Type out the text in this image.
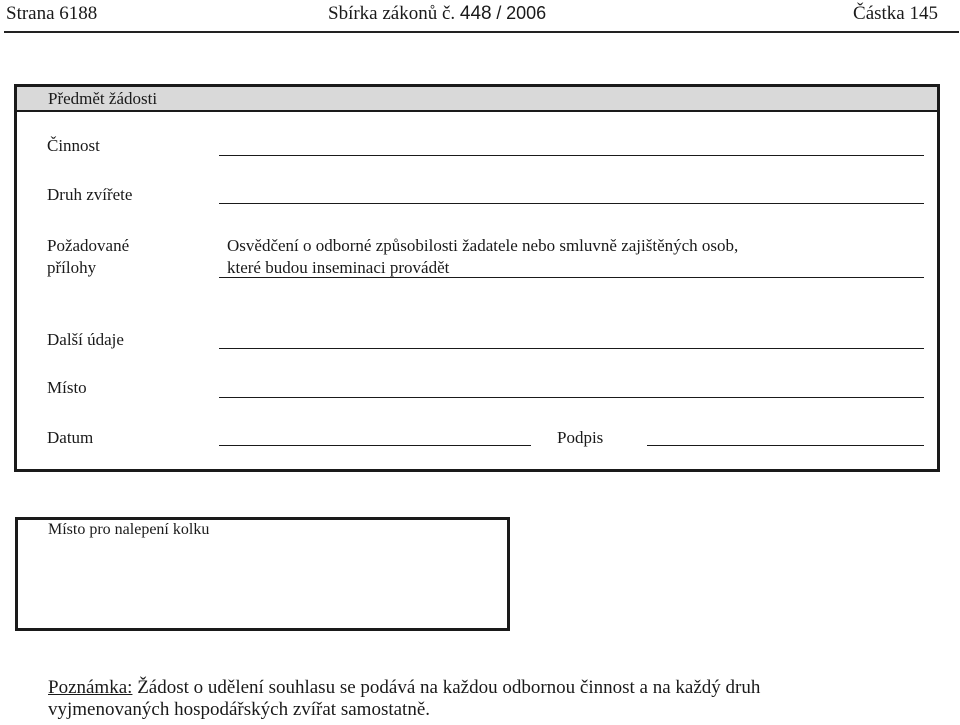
Strana 6188	Sbírka zákonů č. 448 / 2006	Částka 145
Předmět žádosti
Činnost
Druh zvířete
Požadované
přílohy
Osvědčení o odborné způsobilosti žadatele nebo smluvně zajištěných osob,
které budou inseminaci provádět
Další údaje
Místo
Datum	Podpis
Místo pro nalepení kolku
Poznámka: Žádost o udělení souhlasu se podává na každou odbornou činnost a na každý druh
vyjmenovaných hospodářských zvířat samostatně.
